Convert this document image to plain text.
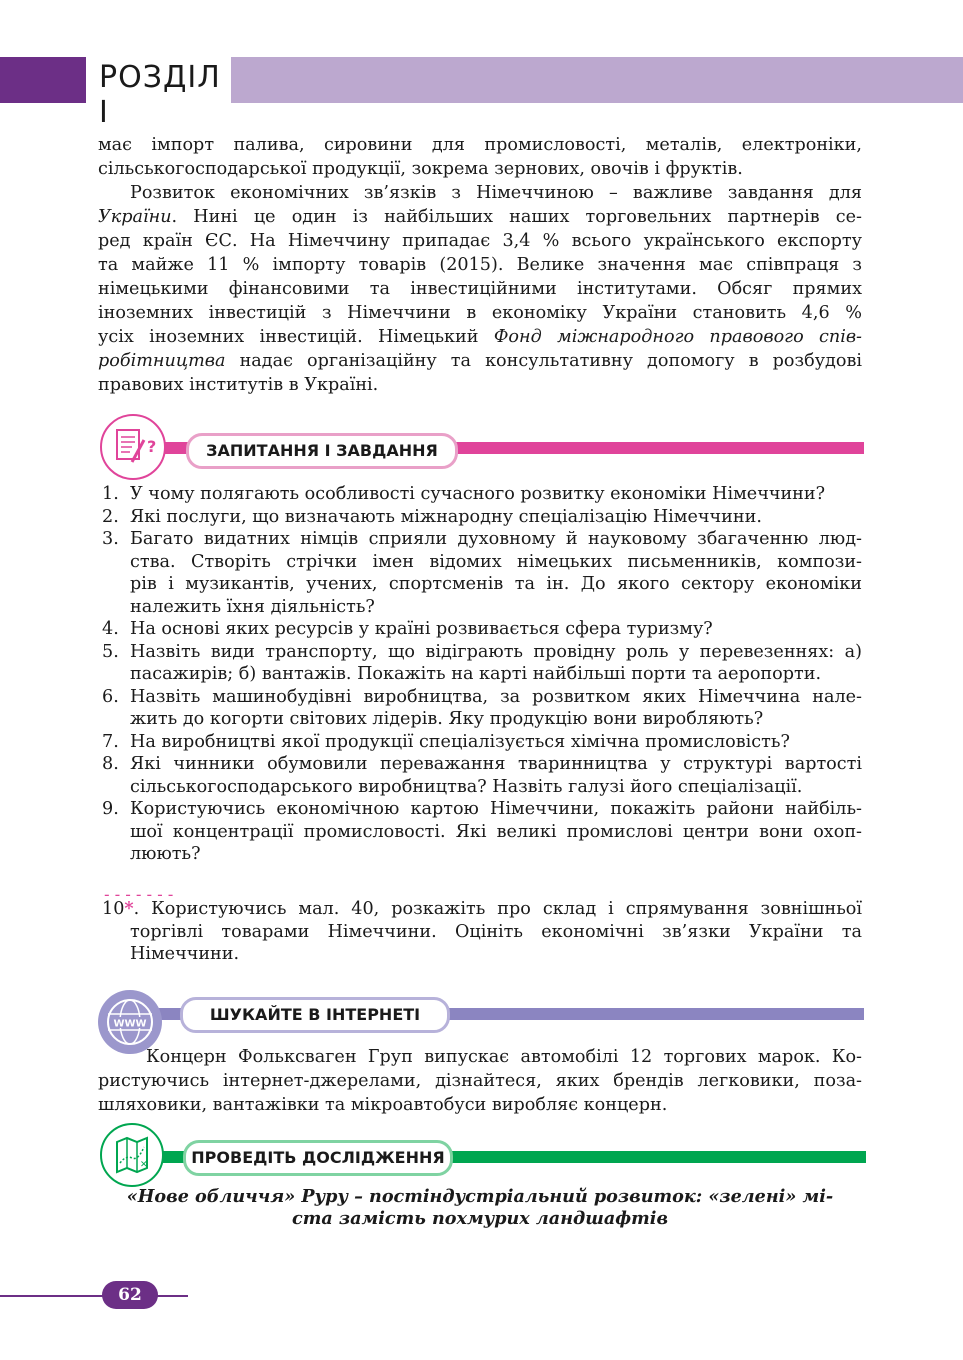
РОЗДІЛ І
має імпорт палива, сировини для промисловості, металів, електроніки,
сільськогосподарської продукції, зокрема зернових, овочів і фруктів.
Розвиток економічних зв’язків з Німеччиною – важливе завдання для
України. Нині це один із найбільших наших торговельних партнерів се-
ред країн ЄС. На Німеччину припадає 3,4 % всього українського експорту
та майже 11 % імпорту товарів (2015). Велике значення має співпраця з
німецькими фінансовими та інвестиційними інститутами. Обсяг прямих
іноземних інвестицій з Німеччини в економіку України становить 4,6 %
усіх іноземних інвестицій. Німецький Фонд міжнародного правового спів-
робітництва надає організаційну та консультативну допомогу в розбудові
правових інститутів в Україні.
ЗАПИТАННЯ І ЗАВДАННЯ
?
1. У чому полягають особливості сучасного розвитку економіки Німеччини?
2. Які послуги, що визначають міжнародну спеціалізацію Німеччини.
3. Багато видатних німців сприяли духовному й науковому збагаченню люд-
ства. Створіть стрічки імен відомих німецьких письменників, компози-
рів і музикантів, учених, спортсменів та ін. До якого сектору економіки
належить їхня діяльність?
4. На основі яких ресурсів у країні розвивається сфера туризму?
5. Назвіть види транспорту, що відіграють провідну роль у перевезеннях: а)
пасажирів; б) вантажів. Покажіть на карті найбільші порти та аеропорти.
6. Назвіть машинобудівні виробництва, за розвитком яких Німеччина нале-
жить до когорти світових лідерів. Яку продукцію вони виробляють?
7. На виробництві якої продукції спеціалізується хімічна промисловість?
8. Які чинники обумовили переважання тваринництва у структурі вартості
сільськогосподарського виробництва? Назвіть галузі його спеціалізації.
9. Користуючись економічною картою Німеччини, покажіть райони найбіль-
шої концентрації промисловості. Які великі промислові центри вони охоп-
люють?
-------
10*. Користуючись мал. 40, розкажіть про склад і спрямування зовнішньої
торгівлі товарами Німеччини. Оцініть економічні зв’язки України та
Німеччини.
ШУКАЙТЕ В ІНТЕРНЕТІ
WWW
Концерн Фольксваген Груп випускає автомобілі 12 торгових марок. Ко-
ристуючись інтернет-джерелами, дізнайтеся, яких брендів легковики, поза-
шляховики, вантажівки та мікроавтобуси виробляє концерн.
ПРОВЕДІТЬ ДОСЛІДЖЕННЯ
✕
«Нове обличчя» Руру – постіндустріальний розвиток: «зелені» мі-
ста замість похмурих ландшафтів
62
